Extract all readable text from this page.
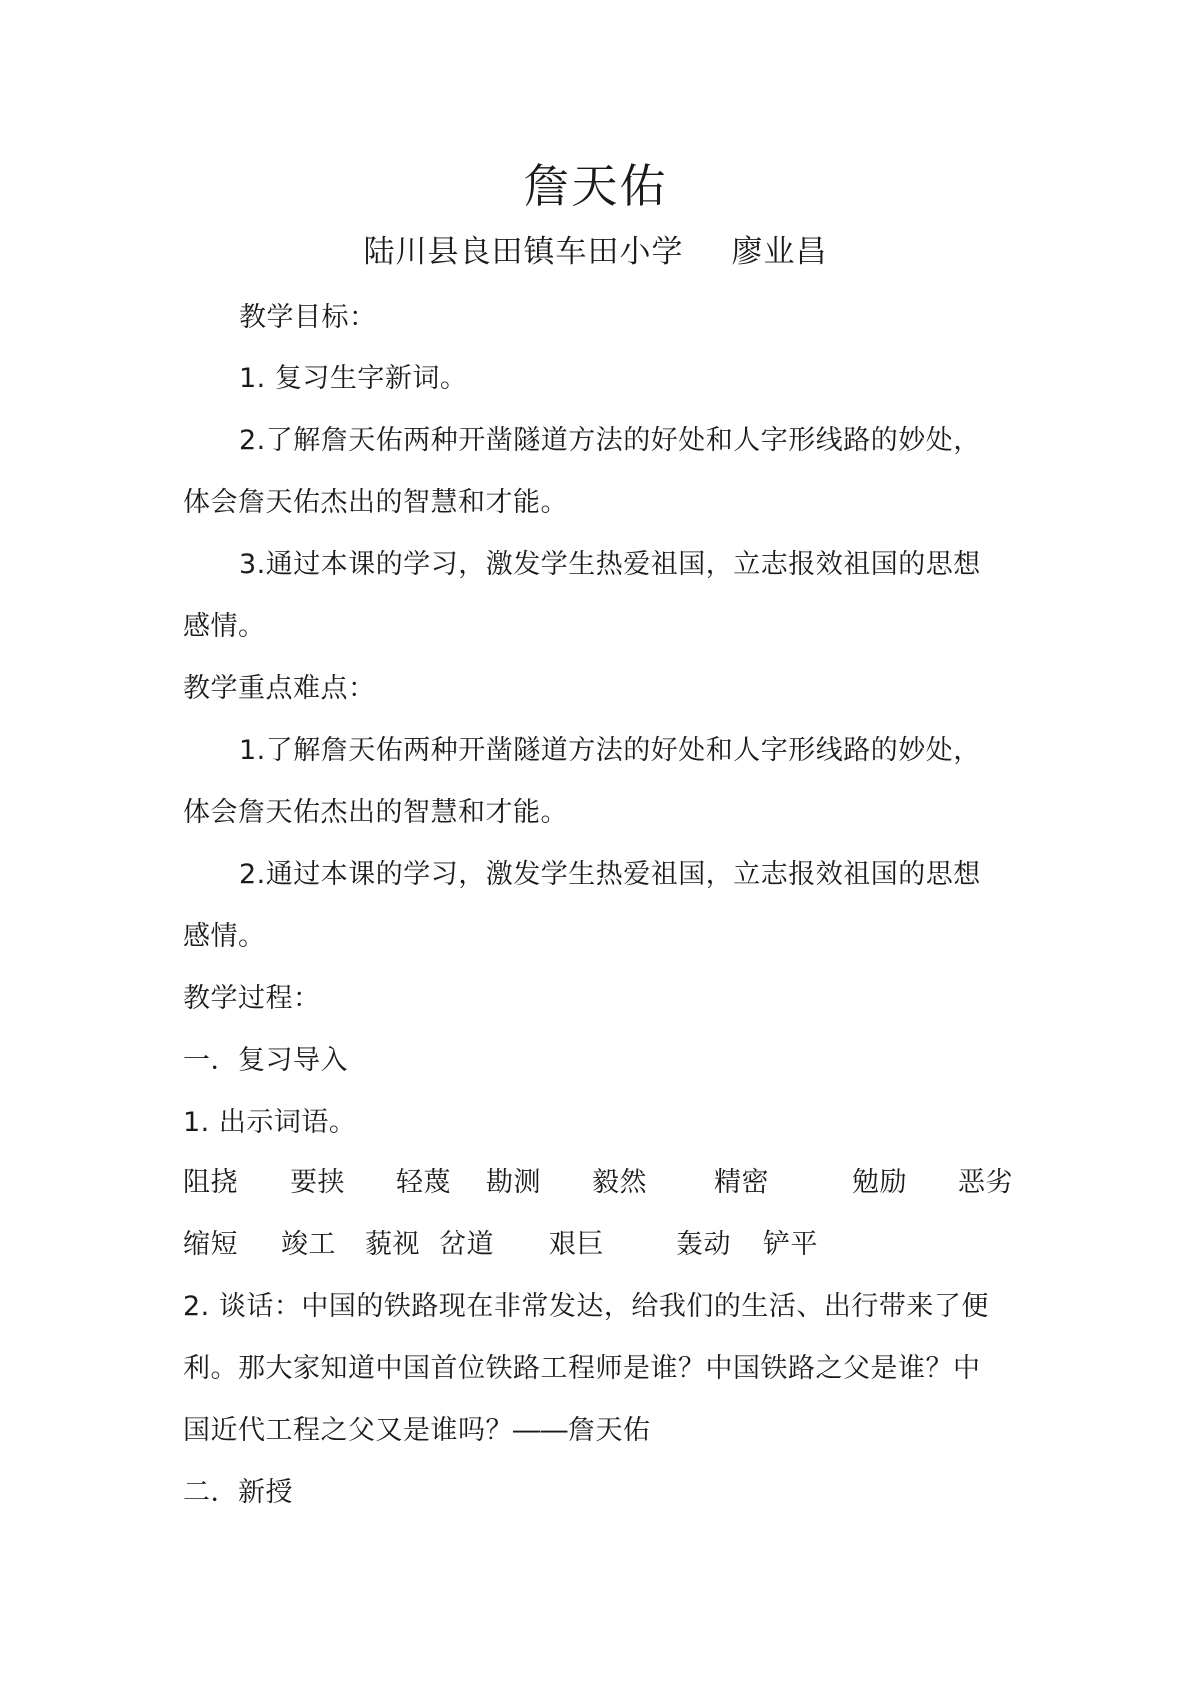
詹天佑
陆川县良田镇车田小学 廖业昌
教学目标：
1. 复习生字新词。
2.了解詹天佑两种开凿隧道方法的好处和人字形线路的妙处，
体会詹天佑杰出的智慧和才能。
3.通过本课的学习，激发学生热爱祖国，立志报效祖国的思想
感情。
教学重点难点：
1.了解詹天佑两种开凿隧道方法的好处和人字形线路的妙处，
体会詹天佑杰出的智慧和才能。
2.通过本课的学习，激发学生热爱祖国，立志报效祖国的思想
感情。
教学过程：
一．复习导入
1. 出示词语。
阻挠 要挟 轻蔑 勘测 毅然 精密	勉励 恶劣
缩短 竣工 藐视 岔道 艰巨	轰动 铲平
2. 谈话：中国的铁路现在非常发达，给我们的生活、出行带来了便
利。那大家知道中国首位铁路工程师是谁？中国铁路之父是谁？中
国近代工程之父又是谁吗？――詹天佑
二．新授
